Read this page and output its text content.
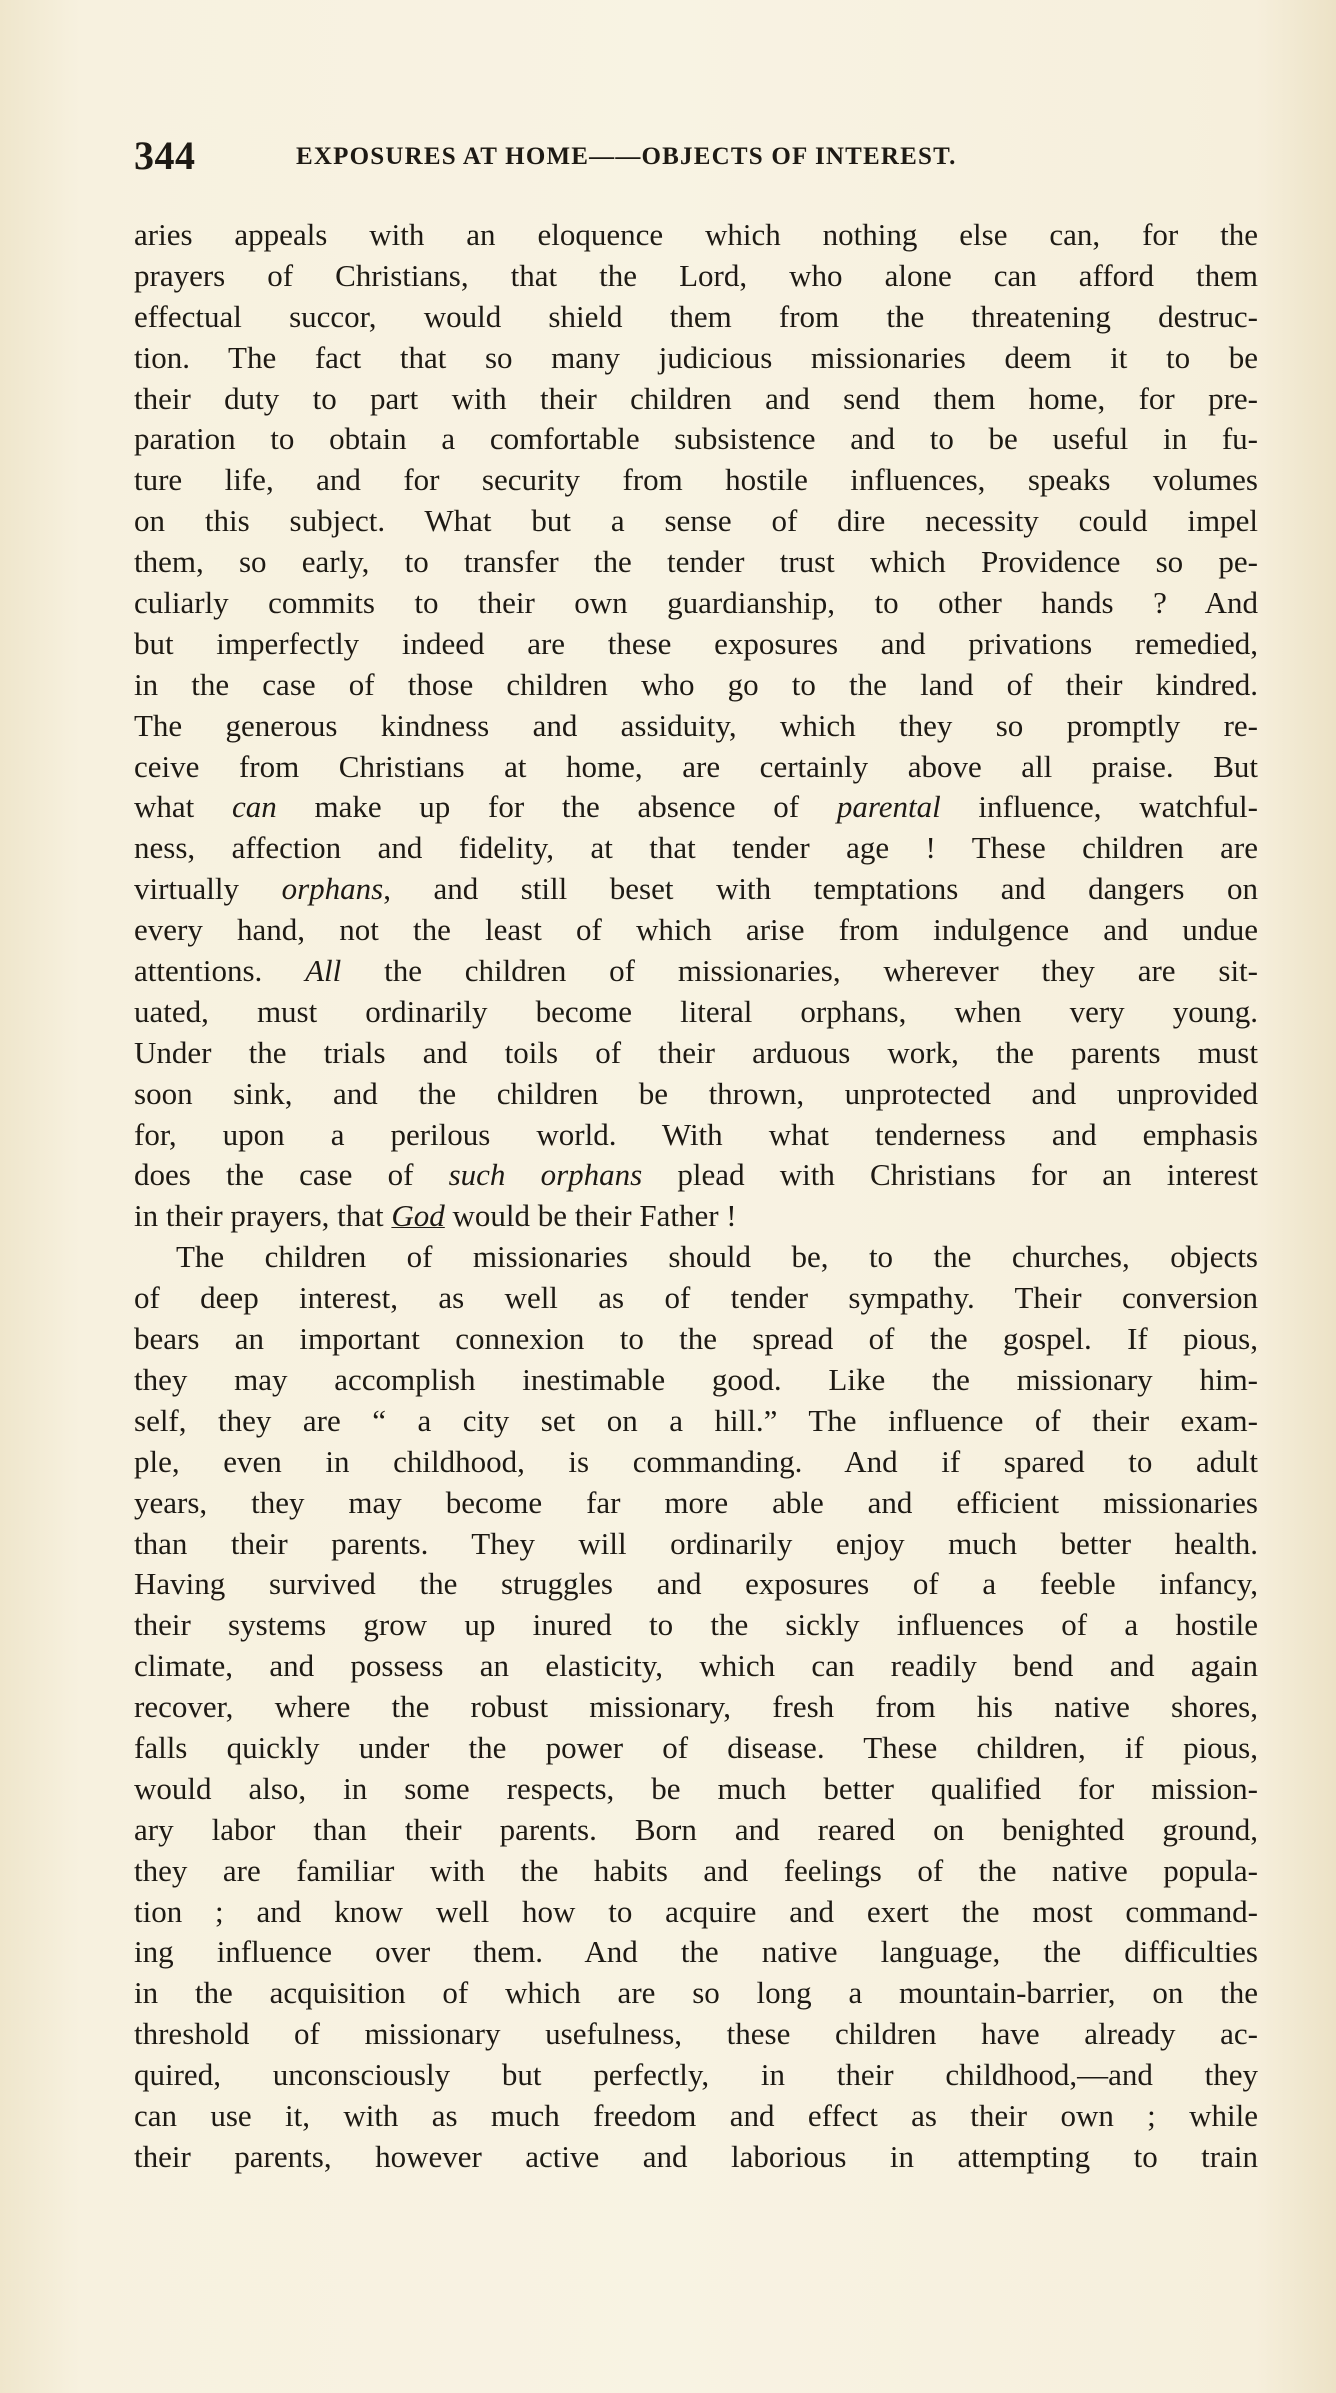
344	EXPOSURES AT HOME——OBJECTS OF INTEREST.
aries appeals with an eloquence which nothing else can, for the
prayers of Christians, that the Lord, who alone can afford them
effectual succor, would shield them from the threatening destruc-
tion. The fact that so many judicious missionaries deem it to be
their duty to part with their children and send them home, for pre-
paration to obtain a comfortable subsistence and to be useful in fu-
ture life, and for security from hostile influences, speaks volumes
on this subject. What but a sense of dire necessity could impel
them, so early, to transfer the tender trust which Providence so pe-
culiarly commits to their own guardianship, to other hands ? And
but imperfectly indeed are these exposures and privations remedied,
in the case of those children who go to the land of their kindred.
The generous kindness and assiduity, which they so promptly re-
ceive from Christians at home, are certainly above all praise. But
what can make up for the absence of parental influence, watchful-
ness, affection and fidelity, at that tender age ! These children are
virtually orphans, and still beset with temptations and dangers on
every hand, not the least of which arise from indulgence and undue
attentions. All the children of missionaries, wherever they are sit-
uated, must ordinarily become literal orphans, when very young.
Under the trials and toils of their arduous work, the parents must
soon sink, and the children be thrown, unprotected and unprovided
for, upon a perilous world. With what tenderness and emphasis
does the case of such orphans plead with Christians for an interest
in their prayers, that God would be their Father !
The children of missionaries should be, to the churches, objects
of deep interest, as well as of tender sympathy. Their conversion
bears an important connexion to the spread of the gospel. If pious,
they may accomplish inestimable good. Like the missionary him-
self, they are “ a city set on a hill.” The influence of their exam-
ple, even in childhood, is commanding. And if spared to adult
years, they may become far more able and efficient missionaries
than their parents. They will ordinarily enjoy much better health.
Having survived the struggles and exposures of a feeble infancy,
their systems grow up inured to the sickly influences of a hostile
climate, and possess an elasticity, which can readily bend and again
recover, where the robust missionary, fresh from his native shores,
falls quickly under the power of disease. These children, if pious,
would also, in some respects, be much better qualified for mission-
ary labor than their parents. Born and reared on benighted ground,
they are familiar with the habits and feelings of the native popula-
tion ; and know well how to acquire and exert the most command-
ing influence over them. And the native language, the difficulties
in the acquisition of which are so long a mountain-barrier, on the
threshold of missionary usefulness, these children have already ac-
quired, unconsciously but perfectly, in their childhood,—and they
can use it, with as much freedom and effect as their own ; while
their parents, however active and laborious in attempting to train
